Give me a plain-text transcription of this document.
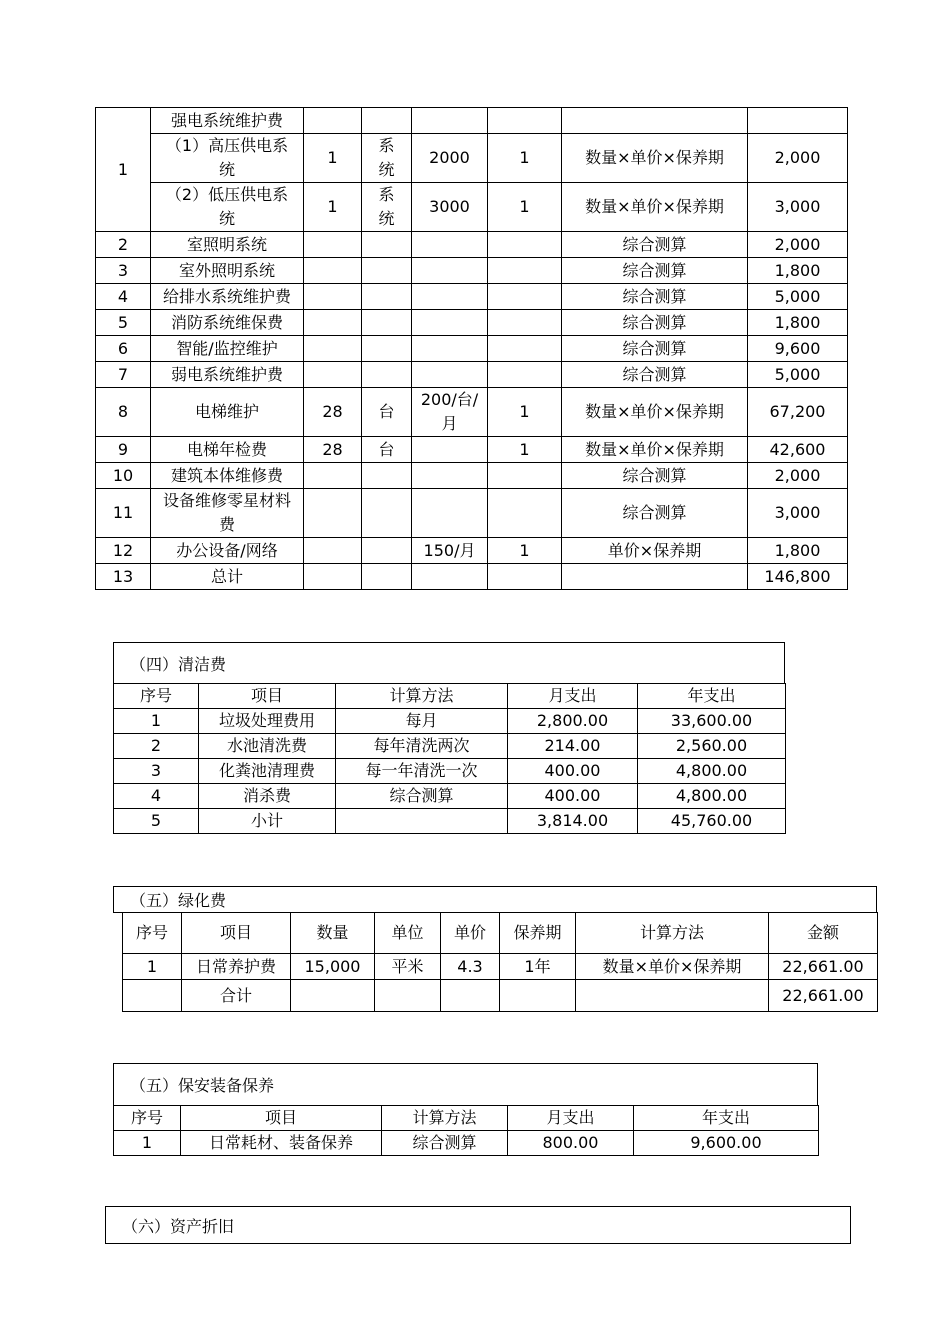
1	强电系统维护费						
	（1）高压供电系统	1	系统	2000	1	数量×单价×保养期	2,000
	（2）低压供电系统	1	系统	3000	1	数量×单价×保养期	3,000
2	室照明系统					综合测算	2,000
3	室外照明系统					综合测算	1,800
4	给排水系统维护费					综合测算	5,000
5	消防系统维保费					综合测算	1,800
6	智能/监控维护					综合测算	9,600
7	弱电系统维护费					综合测算	5,000
8	电梯维护	28	台	200/台/月	1	数量×单价×保养期	67,200
9	电梯年检费	28	台		1	数量×单价×保养期	42,600
10	建筑本体维修费					综合测算	2,000
11	设备维修零星材料费					综合测算	3,000
12	办公设备/网络			150/月	1	单价×保养期	1,800
13	总计						146,800
（四）清洁费
序号	项目	计算方法	月支出	年支出
1	垃圾处理费用	每月	2,800.00	33,600.00
2	水池清洗费	每年清洗两次	214.00	2,560.00
3	化粪池清理费	每一年清洗一次	400.00	4,800.00
4	消杀费	综合测算	400.00	4,800.00
5	小计		3,814.00	45,760.00
（五）绿化费
序号	项目	数量	单位	单价	保养期	计算方法	金额
1	日常养护费	15,000	平米	4.3	1年	数量×单价×保养期	22,661.00
	合计						22,661.00
（五）保安装备保养
序号	项目	计算方法	月支出	年支出
1	日常耗材、装备保养	综合测算	800.00	9,600.00
（六）资产折旧
